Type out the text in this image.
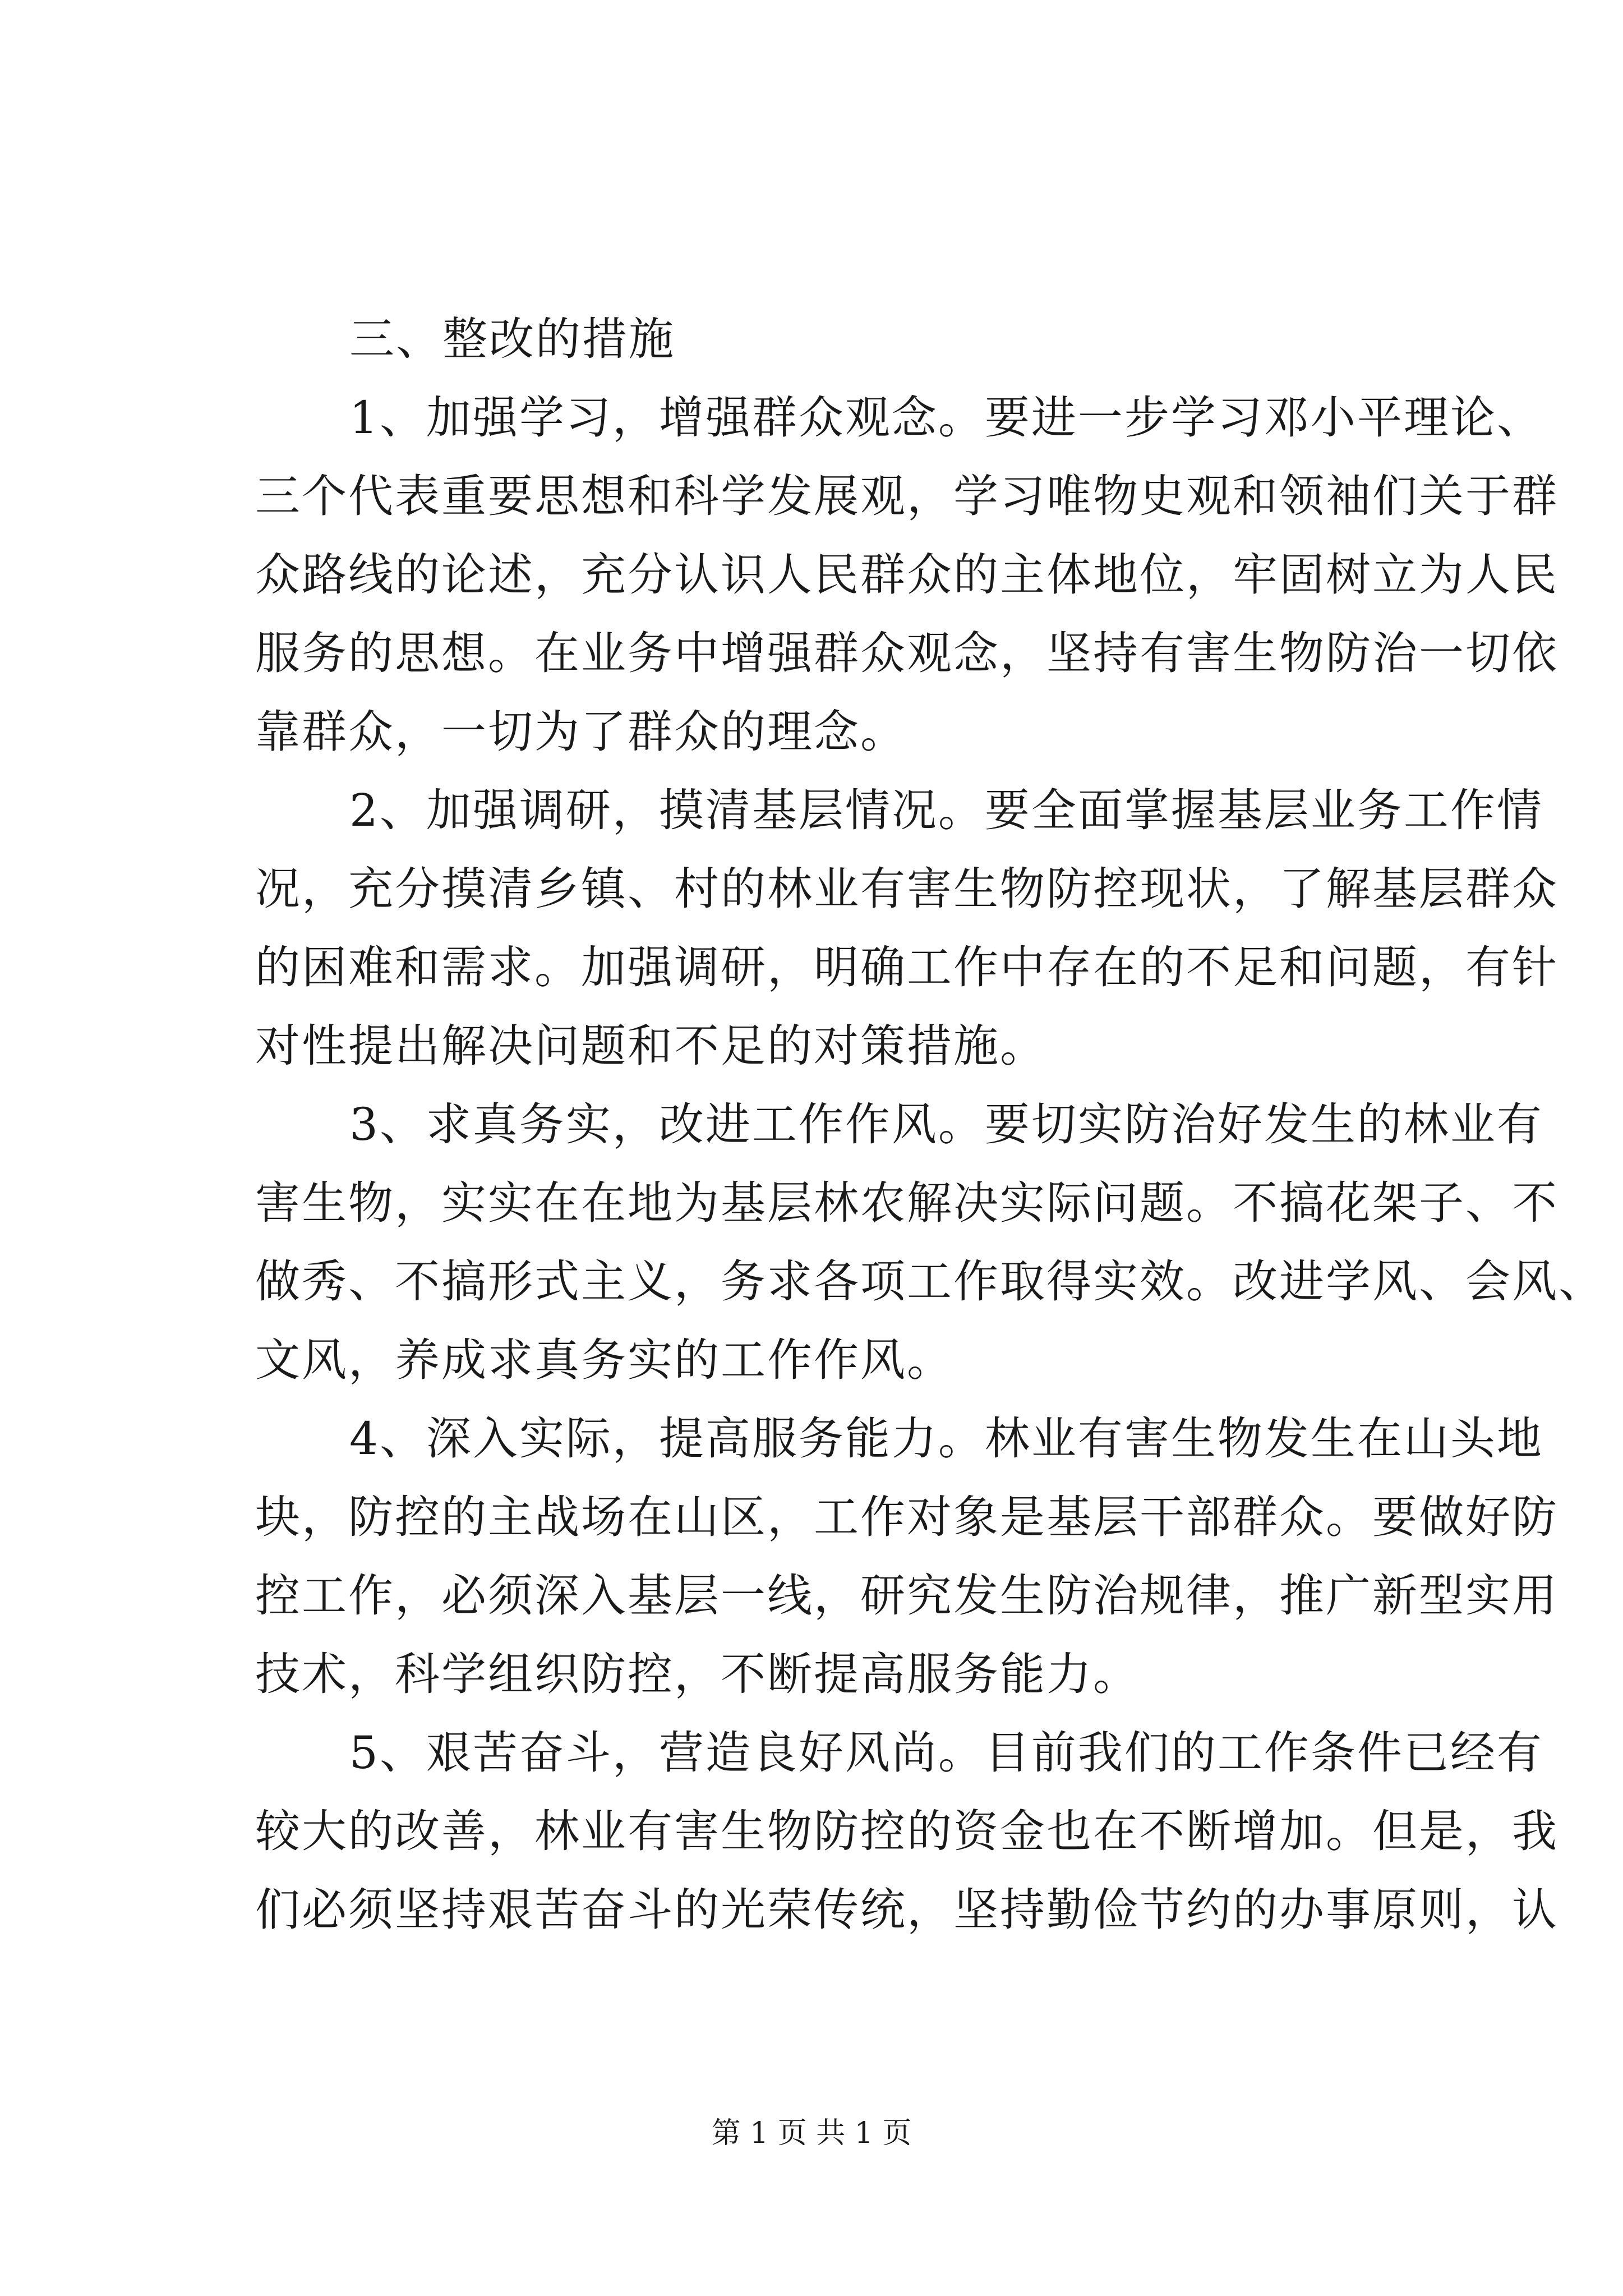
三、整改的措施
1、加强学习，增强群众观念。要进一步学习邓小平理论、
三个代表重要思想和科学发展观，学习唯物史观和领袖们关于群
众路线的论述，充分认识人民群众的主体地位，牢固树立为人民
服务的思想。在业务中增强群众观念，坚持有害生物防治一切依
靠群众，一切为了群众的理念。
2、加强调研，摸清基层情况。要全面掌握基层业务工作情
况，充分摸清乡镇、村的林业有害生物防控现状，了解基层群众
的困难和需求。加强调研，明确工作中存在的不足和问题，有针
对性提出解决问题和不足的对策措施。
3、求真务实，改进工作作风。要切实防治好发生的林业有
害生物，实实在在地为基层林农解决实际问题。不搞花架子、不
做秀、不搞形式主义，务求各项工作取得实效。改进学风、会风、
文风，养成求真务实的工作作风。
4、深入实际，提高服务能力。林业有害生物发生在山头地
块，防控的主战场在山区，工作对象是基层干部群众。要做好防
控工作，必须深入基层一线，研究发生防治规律，推广新型实用
技术，科学组织防控，不断提高服务能力。
5、艰苦奋斗，营造良好风尚。目前我们的工作条件已经有
较大的改善，林业有害生物防控的资金也在不断增加。但是，我
们必须坚持艰苦奋斗的光荣传统，坚持勤俭节约的办事原则，认
第 1 页 共 1 页
